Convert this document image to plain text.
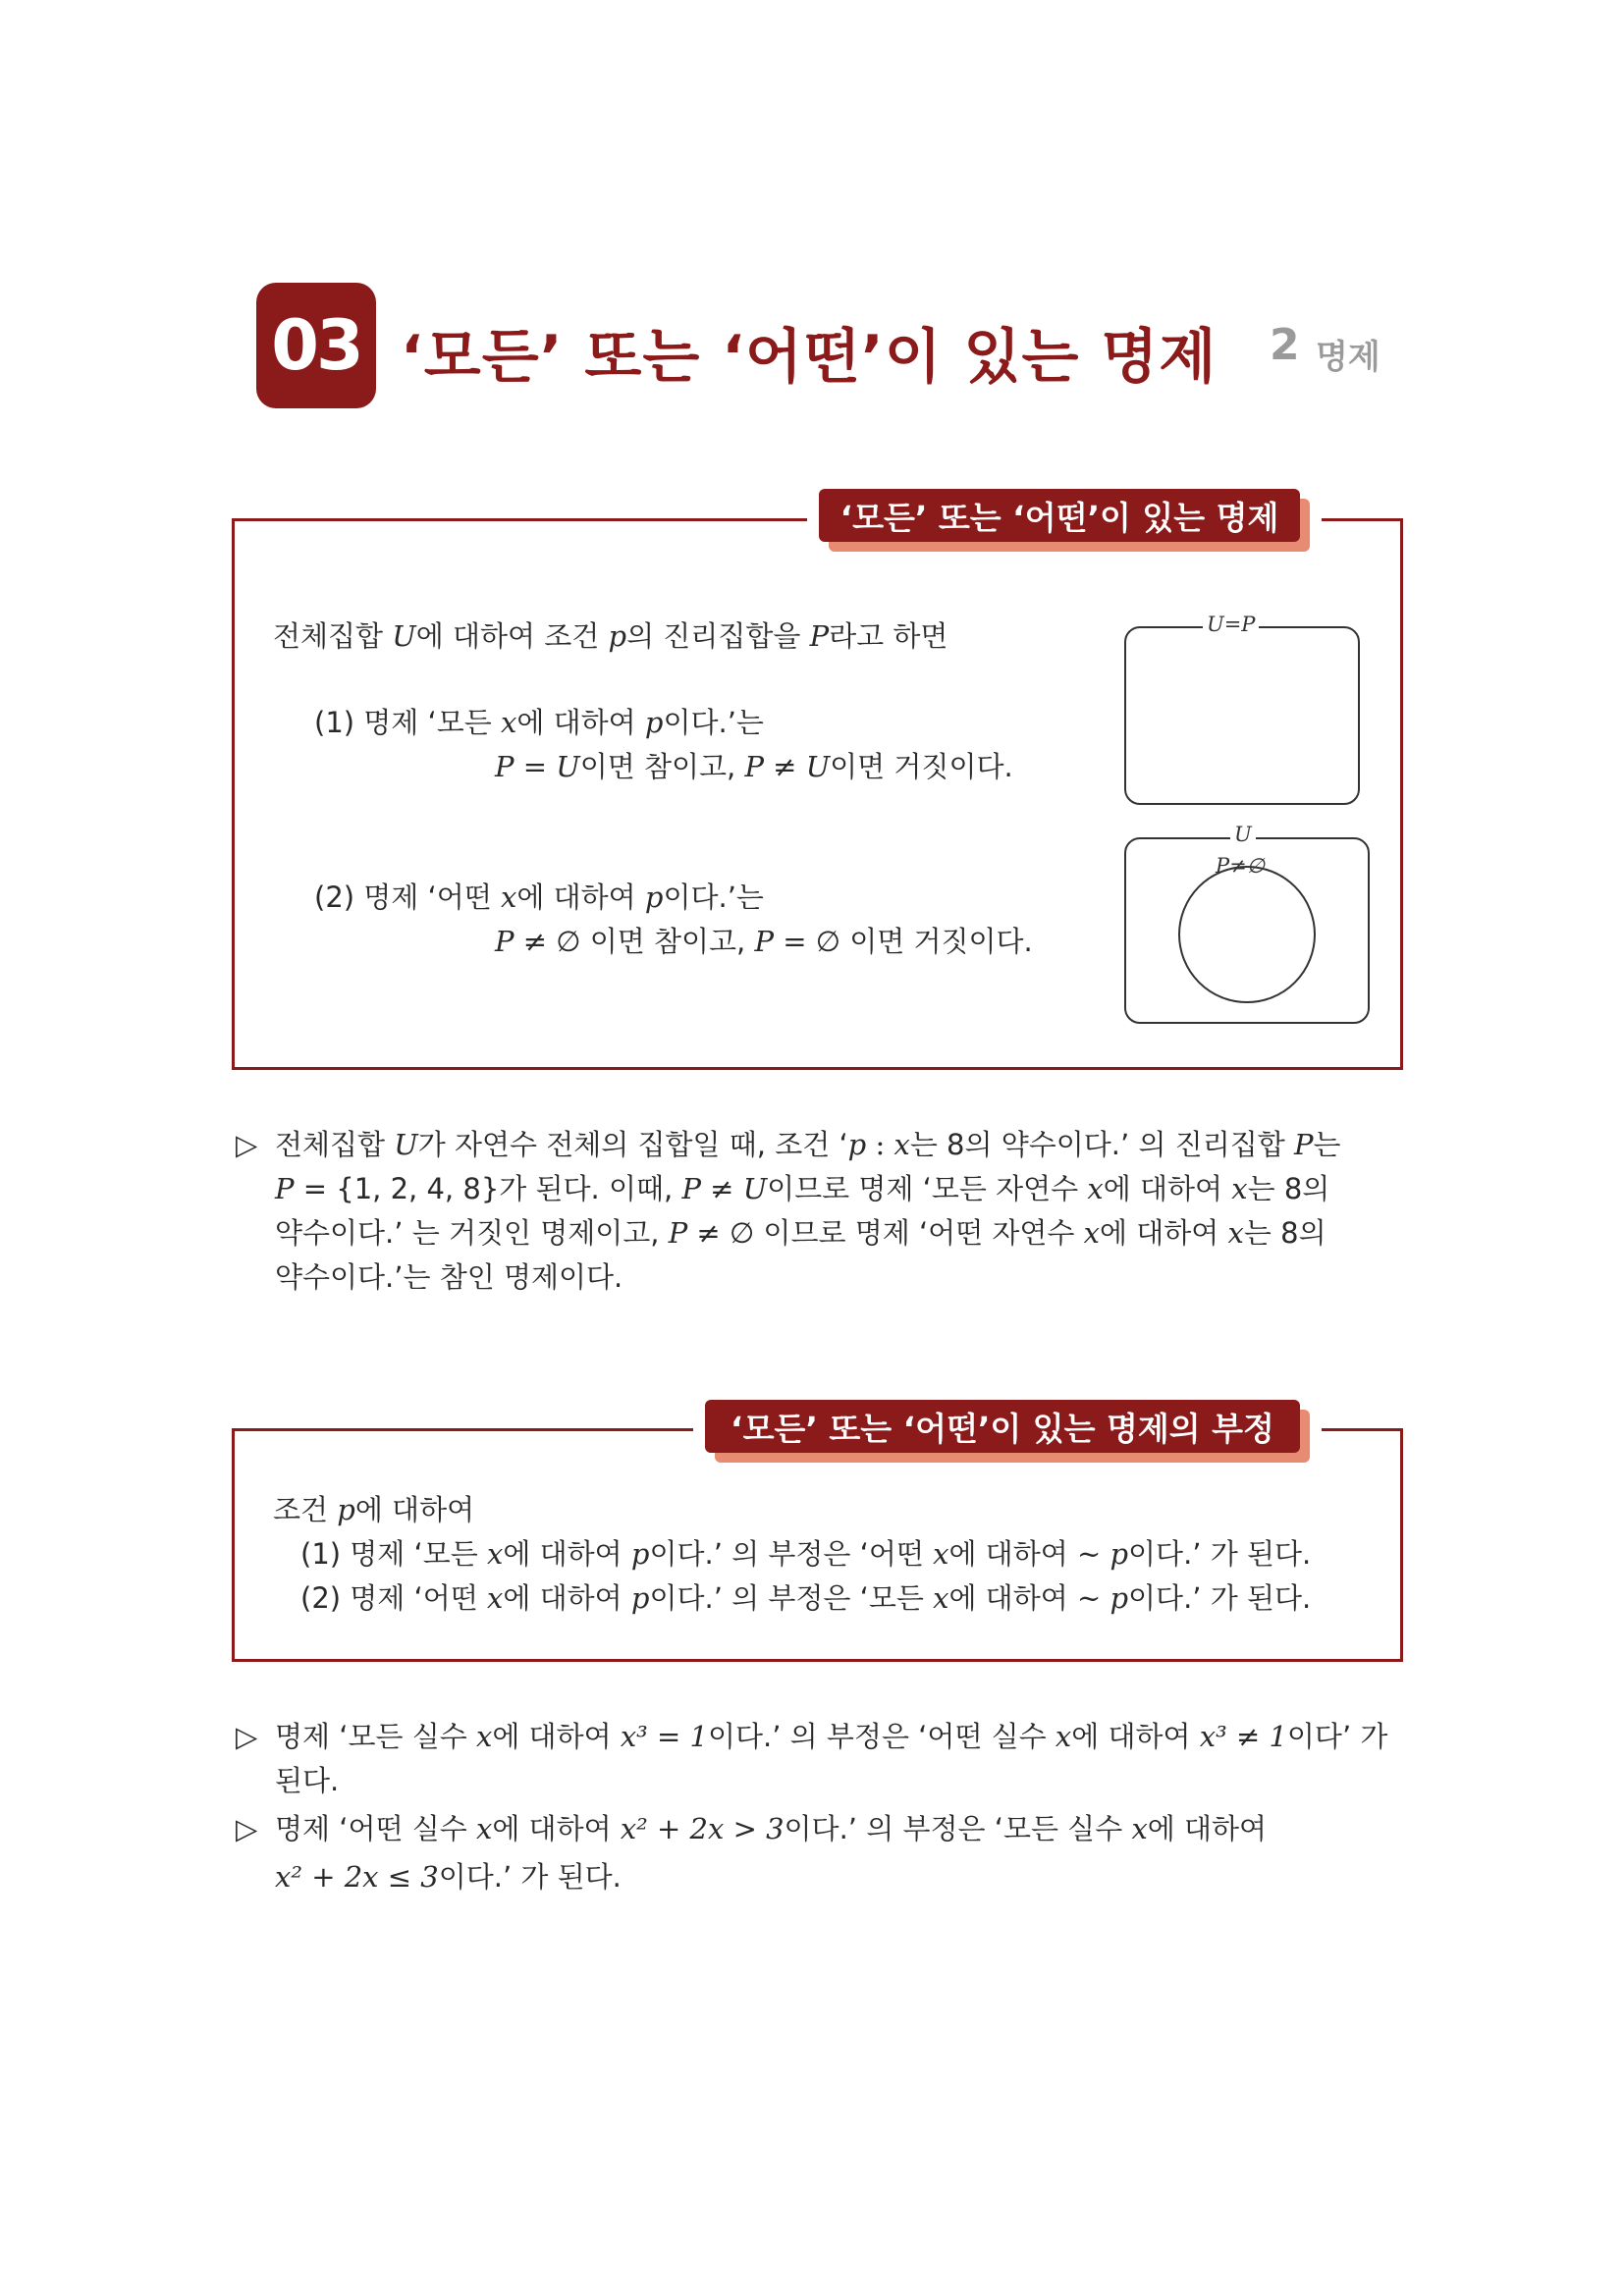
03 ‘모든’ 또는 ‘어떤’이 있는 명제 2 명제
‘모든’ 또는 ‘어떤’이 있는 명제
전체집합 U에 대하여 조건 p의 진리집합을 P라고 하면
(1) 명제 ‘모든 x에 대하여 p이다.’는
P = U이면 참이고, P ≠ U이면 거짓이다.
(2) 명제 ‘어떤 x에 대하여 p이다.’는
P ≠ ∅ 이면 참이고, P = ∅ 이면 거짓이다.
U=P
U
P≠∅
▷ 전체집합 U가 자연수 전체의 집합일 때, 조건 ‘p : x는 8의 약수이다.’ 의 진리집합 P는
P = {1, 2, 4, 8}가 된다. 이때, P ≠ U이므로 명제 ‘모든 자연수 x에 대하여 x는 8의
약수이다.’ 는 거짓인 명제이고, P ≠ ∅ 이므로 명제 ‘어떤 자연수 x에 대하여 x는 8의
약수이다.’는 참인 명제이다.
‘모든’ 또는 ‘어떤’이 있는 명제의 부정
조건 p에 대하여
(1) 명제 ‘모든 x에 대하여 p이다.’ 의 부정은 ‘어떤 x에 대하여 ~ p이다.’ 가 된다.
(2) 명제 ‘어떤 x에 대하여 p이다.’ 의 부정은 ‘모든 x에 대하여 ~ p이다.’ 가 된다.
▷ 명제 ‘모든 실수 x에 대하여 x³ = 1이다.’ 의 부정은 ‘어떤 실수 x에 대하여 x³ ≠ 1이다’ 가
된다.
▷ 명제 ‘어떤 실수 x에 대하여 x² + 2x > 3이다.’ 의 부정은 ‘모든 실수 x에 대하여
x² + 2x ≤ 3이다.’ 가 된다.
